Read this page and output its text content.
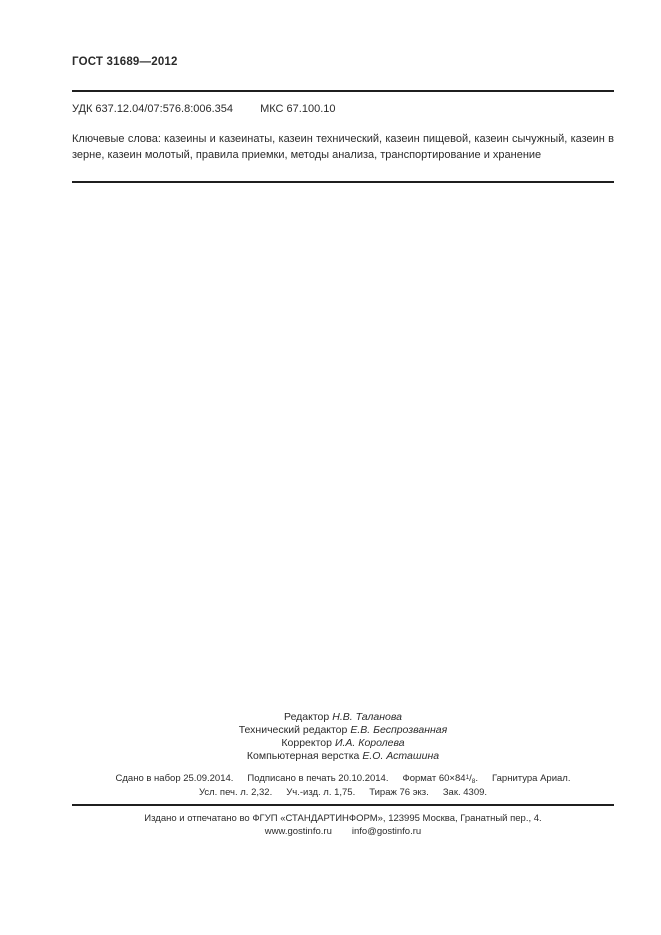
ГОСТ 31689—2012
УДК 637.12.04/07:576.8:006.354 МКС 67.100.10

Ключевые слова: казеины и казеинаты, казеин технический, казеин пищевой, казеин сычужный, казеин в зерне, казеин молотый, правила приемки, методы анализа, транспортирование и хранение

Редактор Н.В. Таланова
Технический редактор Е.В. Беспрозванная
Корректор И.А. Королева
Компьютерная верстка Е.О. Асташина
Сдано в набор 25.09.2014. Подписано в печать 20.10.2014. Формат $60\times 84^1/_8$. Гарнитура Ариал.
Усл. печ. л. 2,32. Уч.-изд. л. 1,75. Тираж 76 экз. Зак. 4309.
Издано и отпечатано во ФГУП «СТАНДАРТИНФОРМ», 123995 Москва, Гранатный пер., 4.
www.gostinfo.ru info@gostinfo.ru
